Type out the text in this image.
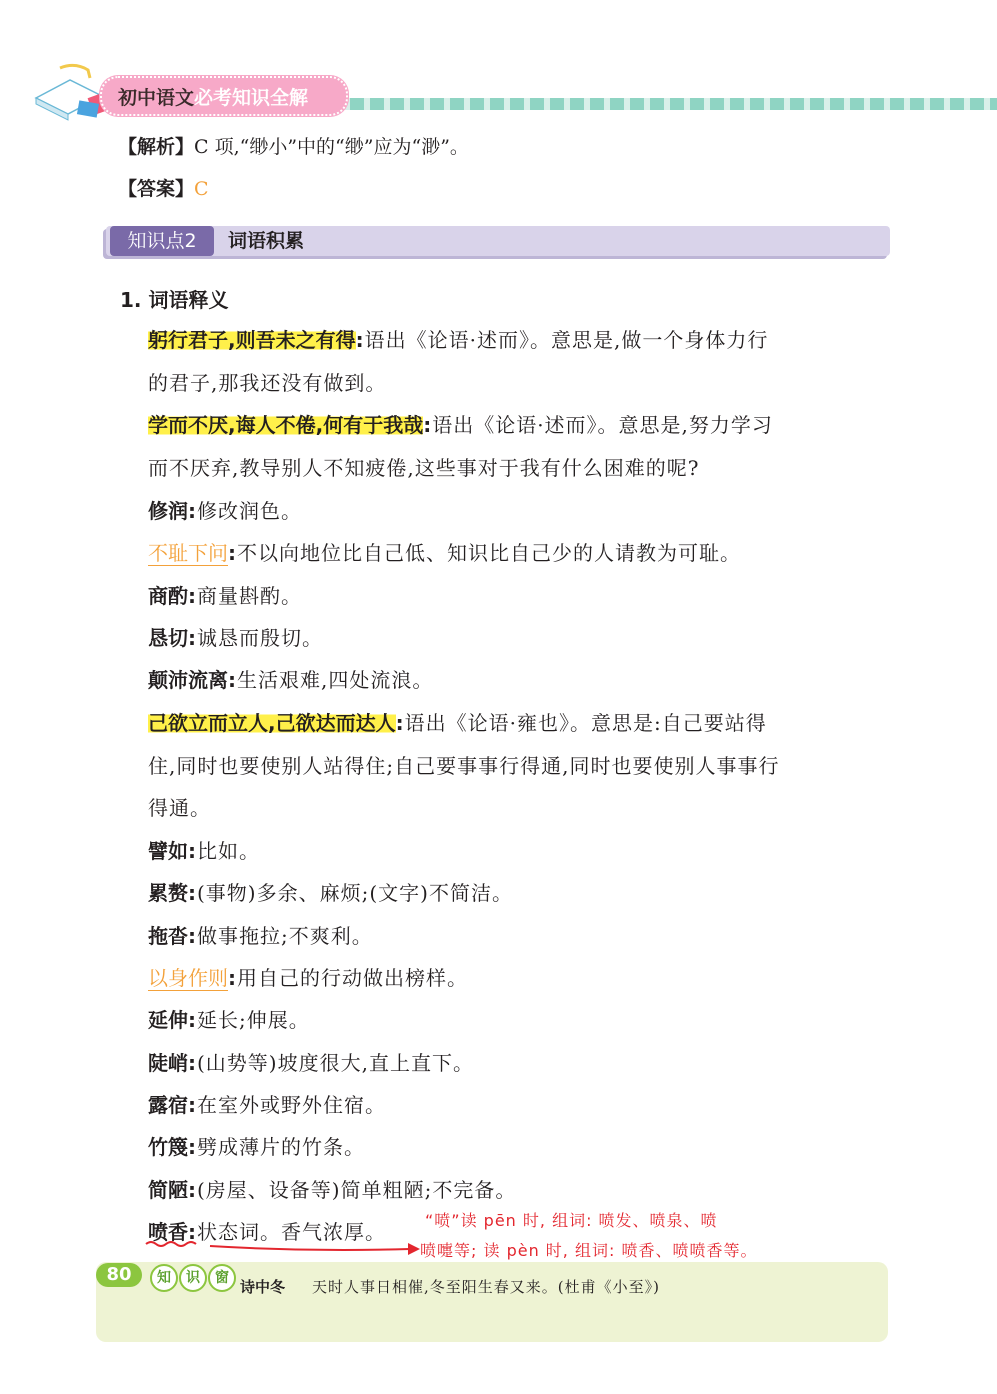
初中语文必考知识全解
【解析】C 项,“缈小”中的“缈”应为“渺”。
【答案】C
知识点2	词语积累
1. 词语释义
躬行君子,则吾未之有得:语出《论语·述而》。意思是,做一个身体力行
的君子,那我还没有做到。
学而不厌,诲人不倦,何有于我哉:语出《论语·述而》。意思是,努力学习
而不厌弃,教导别人不知疲倦,这些事对于我有什么困难的呢?
修润:修改润色。
不耻下问:不以向地位比自己低、知识比自己少的人请教为可耻。
商酌:商量斟酌。
恳切:诚恳而殷切。
颠沛流离:生活艰难,四处流浪。
己欲立而立人,己欲达而达人:语出《论语·雍也》。意思是:自己要站得
住,同时也要使别人站得住;自己要事事行得通,同时也要使别人事事行
得通。
譬如:比如。
累赘:(事物)多余、麻烦;(文字)不简洁。
拖沓:做事拖拉;不爽利。
以身作则:用自己的行动做出榜样。
延伸:延长;伸展。
陡峭:(山势等)坡度很大,直上直下。
露宿:在室外或野外住宿。
竹篾:劈成薄片的竹条。
简陋:(房屋、设备等)简单粗陋;不完备。
喷香:状态词。香气浓厚。 “喷”读 pēn 时, 组词: 喷发、喷泉、喷
喷嚏等; 读 pèn 时, 组词: 喷香、喷喷香等。
80	知	识	窗 诗中冬 天时人事日相催,冬至阳生春又来。(杜甫《小至》)
